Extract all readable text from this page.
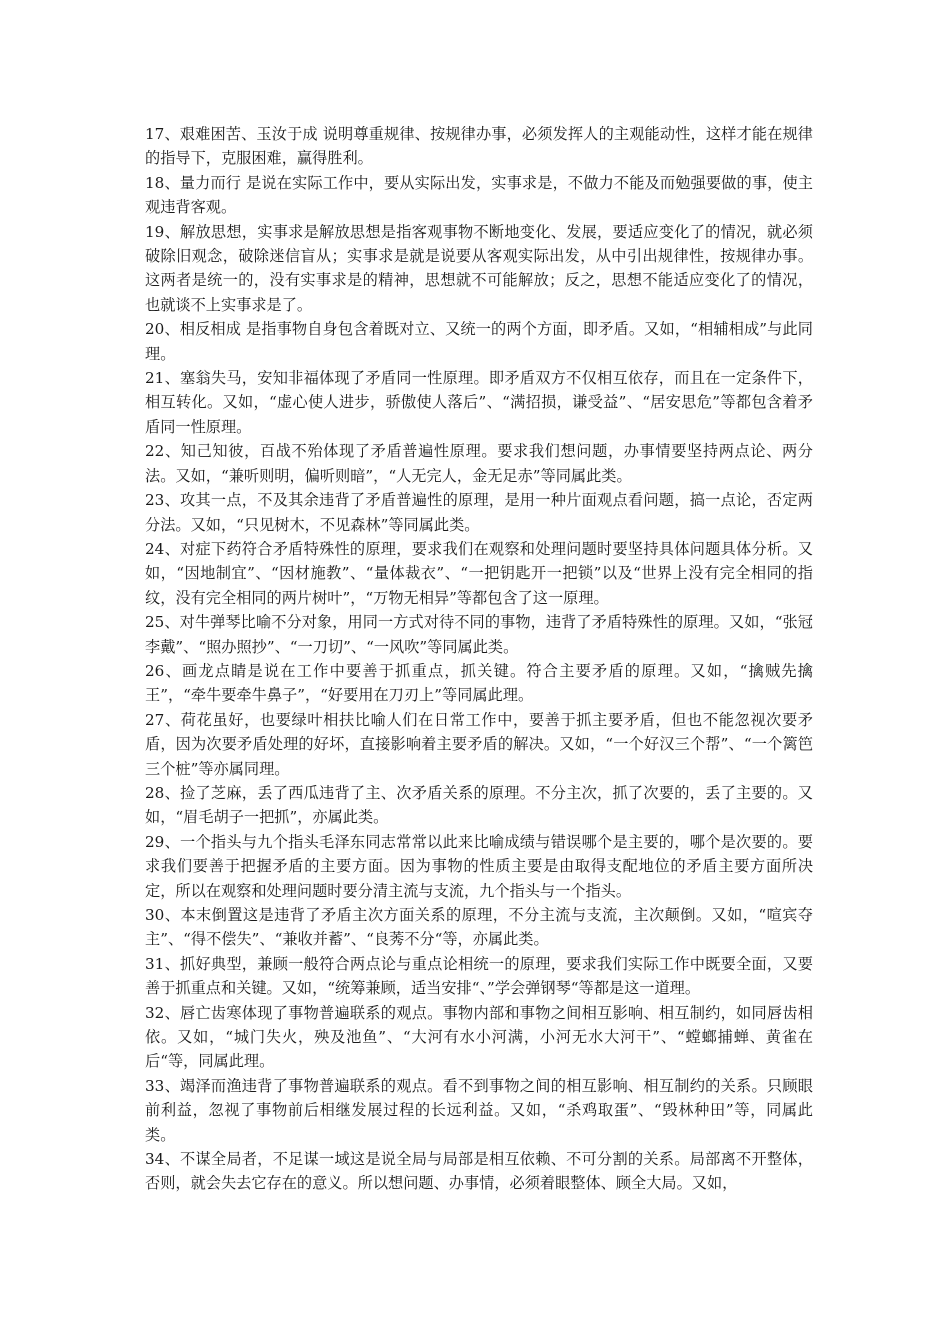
17、艰难困苦、玉汝于成 说明尊重规律、按规律办事，必须发挥人的主观能动性，这样才能在规律的指导下，克服困难，赢得胜利。

18、量力而行 是说在实际工作中，要从实际出发，实事求是，不做力不能及而勉强要做的事，使主观违背客观。

19、解放思想，实事求是解放思想是指客观事物不断地变化、发展，要适应变化了的情况，就必须破除旧观念，破除迷信盲从；实事求是就是说要从客观实际出发，从中引出规律性，按规律办事。这两者是统一的，没有实事求是的精神，思想就不可能解放；反之，思想不能适应变化了的情况，也就谈不上实事求是了。

20、相反相成 是指事物自身包含着既对立、又统一的两个方面，即矛盾。又如，“相辅相成”与此同理。

21、塞翁失马，安知非福体现了矛盾同一性原理。即矛盾双方不仅相互依存，而且在一定条件下，相互转化。又如，“虚心使人进步，骄傲使人落后”、“满招损，谦受益”、“居安思危”等都包含着矛盾同一性原理。

22、知己知彼，百战不殆体现了矛盾普遍性原理。要求我们想问题，办事情要坚持两点论、两分法。又如，“兼听则明，偏听则暗”，“人无完人，金无足赤”等同属此类。

23、攻其一点，不及其余违背了矛盾普遍性的原理，是用一种片面观点看问题，搞一点论，否定两分法。又如，“只见树木，不见森林”等同属此类。

24、对症下药符合矛盾特殊性的原理，要求我们在观察和处理问题时要坚持具体问题具体分析。又如，“因地制宜”、“因材施教”、“量体裁衣”、“一把钥匙开一把锁”以及“世界上没有完全相同的指纹，没有完全相同的两片树叶”，“万物无相异”等都包含了这一原理。

25、对牛弹琴比喻不分对象，用同一方式对待不同的事物，违背了矛盾特殊性的原理。又如，“张冠李戴”、“照办照抄”、“一刀切”、“一风吹”等同属此类。

26、画龙点睛是说在工作中要善于抓重点，抓关键。符合主要矛盾的原理。又如，“擒贼先擒王”，“牵牛要牵牛鼻子”，“好要用在刀刃上”等同属此理。

27、荷花虽好，也要绿叶相扶比喻人们在日常工作中，要善于抓主要矛盾，但也不能忽视次要矛盾，因为次要矛盾处理的好坏，直接影响着主要矛盾的解决。又如，“一个好汉三个帮”、“一个篱笆三个桩”等亦属同理。

28、捡了芝麻，丢了西瓜违背了主、次矛盾关系的原理。不分主次，抓了次要的，丢了主要的。又如，“眉毛胡子一把抓”，亦属此类。

29、一个指头与九个指头毛泽东同志常常以此来比喻成绩与错误哪个是主要的，哪个是次要的。要求我们要善于把握矛盾的主要方面。因为事物的性质主要是由取得支配地位的矛盾主要方面所决定，所以在观察和处理问题时要分清主流与支流，九个指头与一个指头。

30、本末倒置这是违背了矛盾主次方面关系的原理，不分主流与支流，主次颠倒。又如，“喧宾夺主”、“得不偿失”、“兼收并蓄”、“良莠不分“等，亦属此类。

31、抓好典型，兼顾一般符合两点论与重点论相统一的原理，要求我们实际工作中既要全面，又要善于抓重点和关键。又如，“统筹兼顾，适当安排“、”学会弹钢琴“等都是这一道理。

32、唇亡齿寒体现了事物普遍联系的观点。事物内部和事物之间相互影响、相互制约，如同唇齿相依。又如，“城门失火，殃及池鱼”、“大河有水小河满，小河无水大河干”、“螳螂捕蝉、黄雀在后“等，同属此理。

33、竭泽而渔违背了事物普遍联系的观点。看不到事物之间的相互影响、相互制约的关系。只顾眼前利益，忽视了事物前后相继发展过程的长远利益。又如，“杀鸡取蛋”、“毁林种田”等，同属此类。

34、不谋全局者，不足谋一域这是说全局与局部是相互依赖、不可分割的关系。局部离不开整体，否则，就会失去它存在的意义。所以想问题、办事情，必须着眼整体、顾全大局。又如，
